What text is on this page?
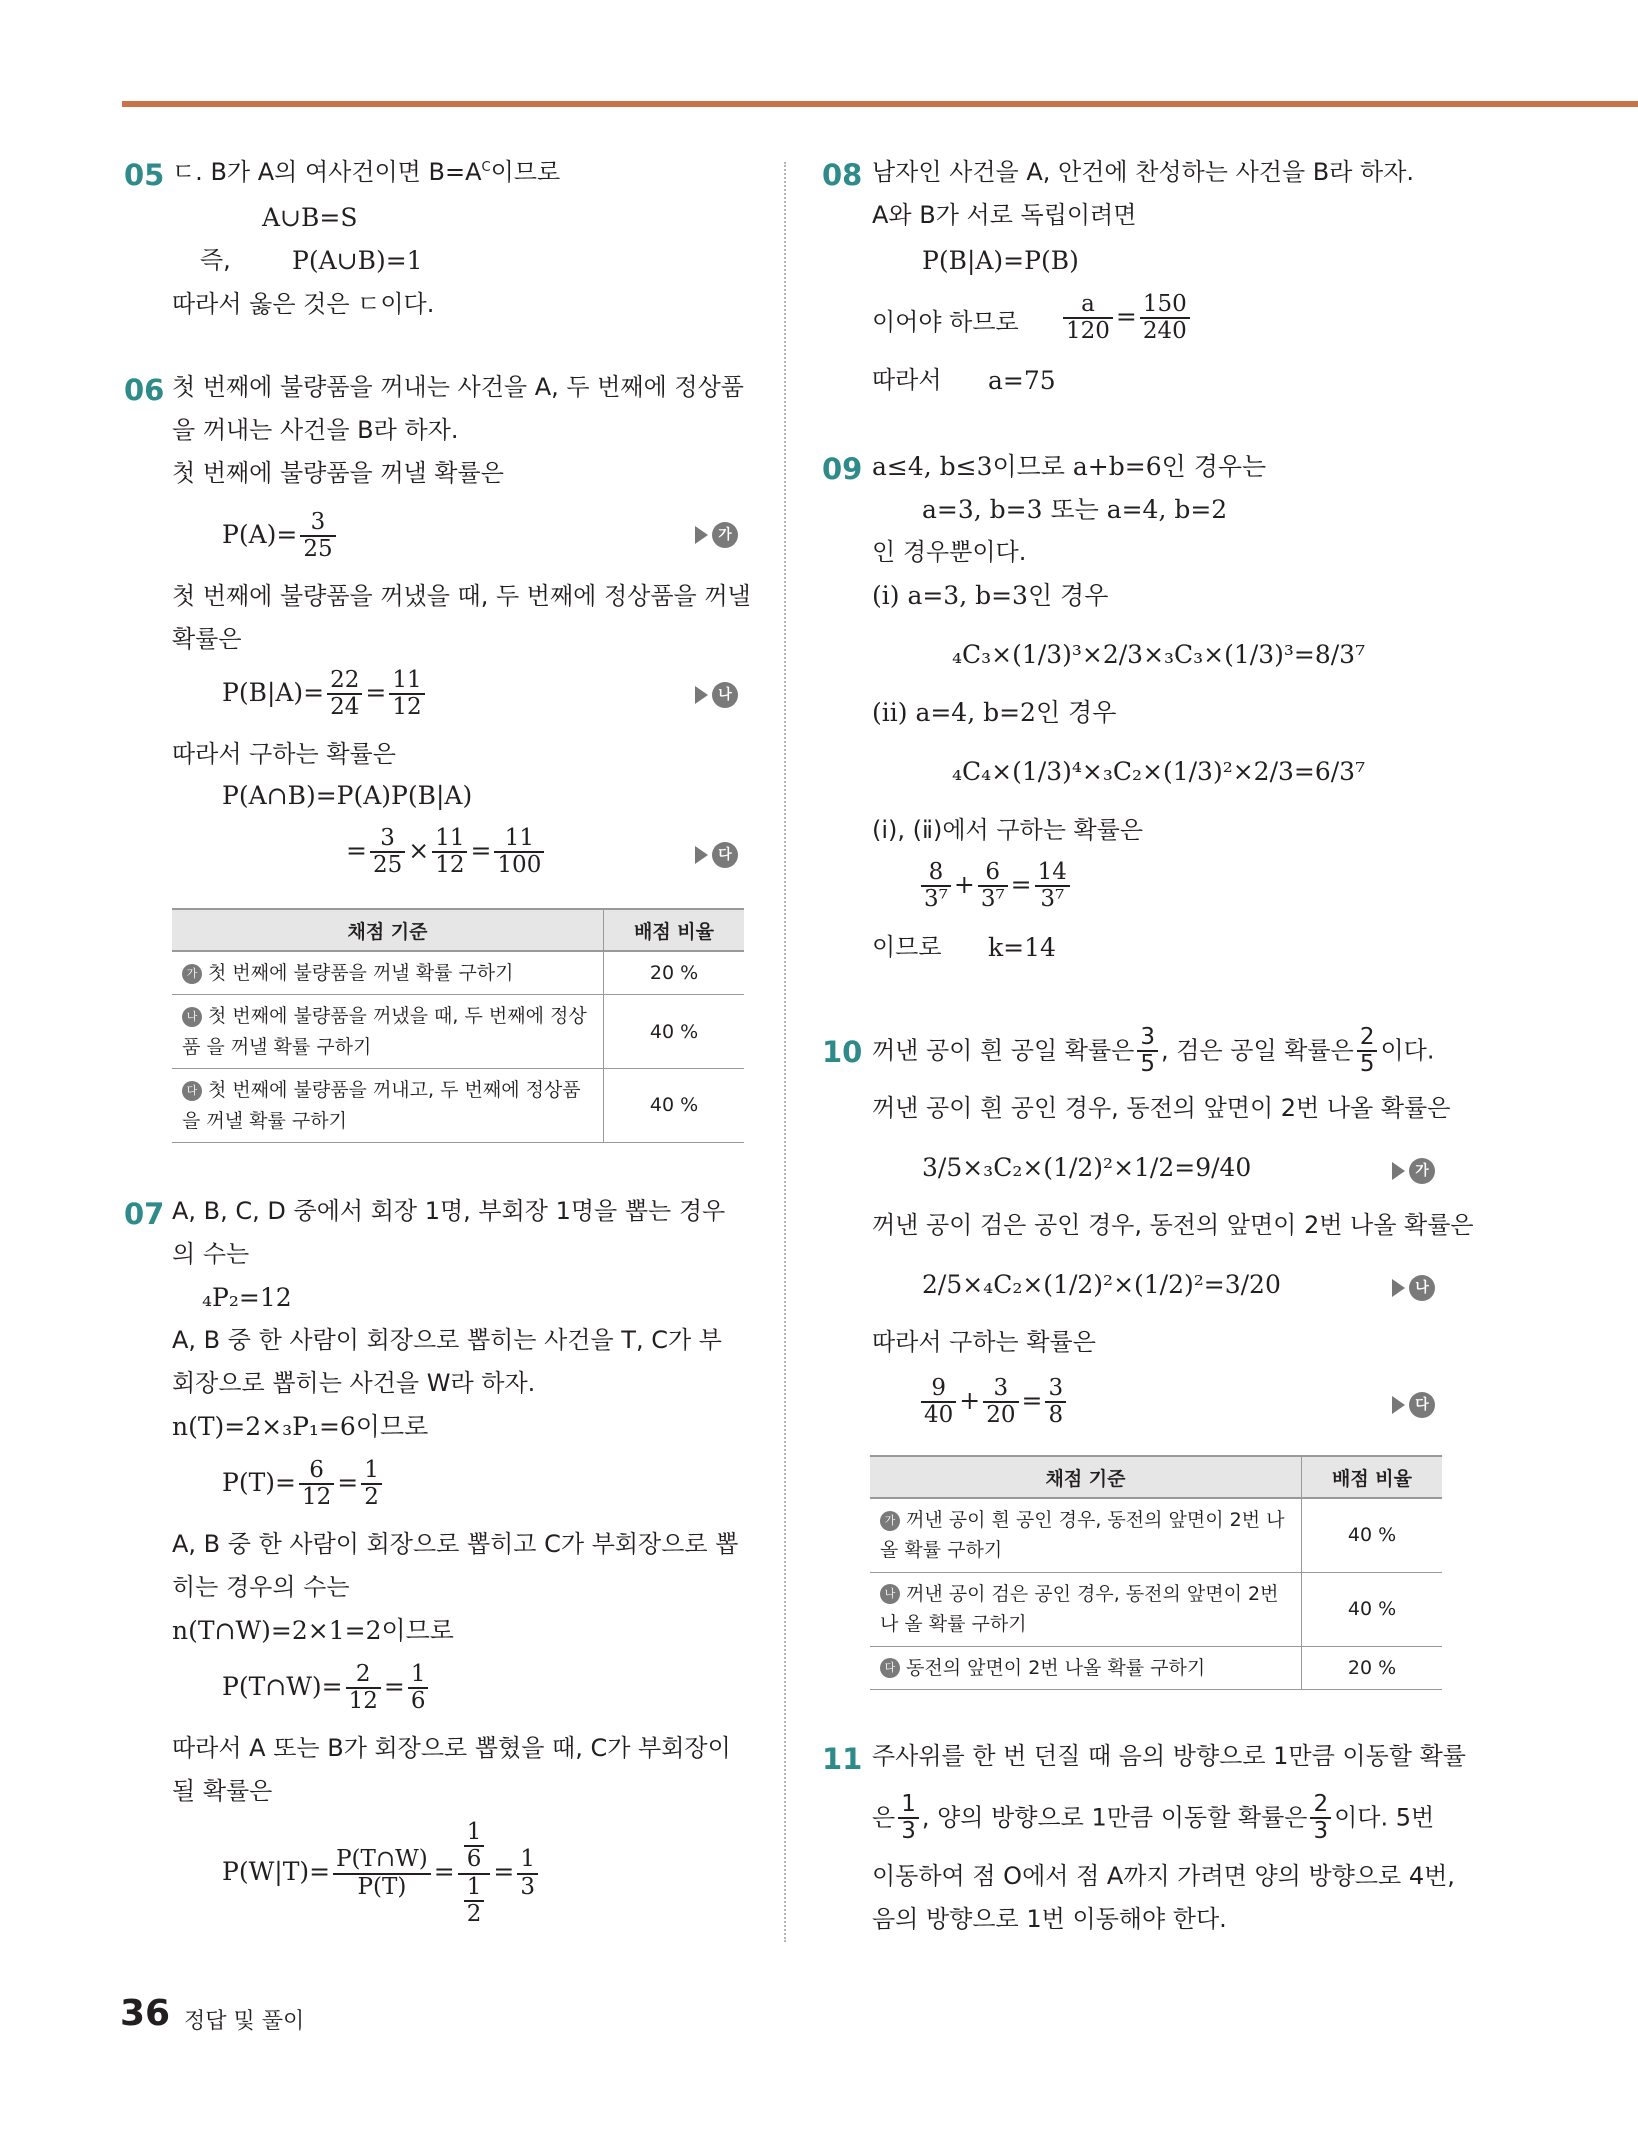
05 ㄷ. B가 A의 여사건이면 $B=A^C$이므로
A∪B=S
즉, P(A∪B)=1
따라서 옳은 것은 ㄷ이다.
06 첫 번째에 불량품을 꺼내는 사건을 A, 두 번째에 정상품
을 꺼내는 사건을 B라 하자.
첫 번째에 불량품을 꺼낼 확률은
$P(A)= \frac{3}{25}$	가
첫 번째에 불량품을 꺼냈을 때, 두 번째에 정상품을 꺼낼
확률은
$P(B|A)= \frac{22}{24} = \frac{11}{12}$	나
따라서 구하는 확률은
P(A∩B)=P(A)P(B|A)
= $\frac{3}{25} \times \frac{11}{12} = \frac{11}{100}$	다
채점 기준	배점 비율
가 첫 번째에 불량품을 꺼낼 확률 구하기	20 %
나 첫 번째에 불량품을 꺼냈을 때, 두 번째에 정상품 을 꺼낼 확률 구하기	40 %
다 첫 번째에 불량품을 꺼내고, 두 번째에 정상품을 꺼낼 확률 구하기	40 %
07 A, B, C, D 중에서 회장 1명, 부회장 1명을 뽑는 경우
의 수는
₄P₂=12
A, B 중 한 사람이 회장으로 뽑히는 사건을 T, C가 부
회장으로 뽑히는 사건을 W라 하자.
n(T)=2×₃P₁=6이므로
$P(T)= \frac{6}{12} = \frac{1}{2}$
A, B 중 한 사람이 회장으로 뽑히고 C가 부회장으로 뽑
히는 경우의 수는
n(T∩W)=2×1=2이므로
P(T∩W)= $\frac{2}{12} = \frac{1}{6}$
따라서 A 또는 B가 회장으로 뽑혔을 때, C가 부회장이
될 확률은
$P(W|T)= \frac{P(T\cap W)}{P(T)} = \frac{\frac{1}{6}}{\frac{1}{2}} = \frac{1}{3}$
08 남자인 사건을 A, 안건에 찬성하는 사건을 B라 하자.
A와 B가 서로 독립이려면
P(B|A)=P(B)
이어야 하므로 $\frac{a}{120} = \frac{150}{240}$
따라서 a=75
09 a≤4, b≤3이므로 a+b=6인 경우는
a=3, b=3 또는 a=4, b=2
인 경우뿐이다.
(ⅰ) a=3, b=3인 경우
₄C₃×(1/3)³×2/3×₃C₃×(1/3)³=8/3⁷
(ⅱ) a=4, b=2인 경우
₄C₄×(1/3)⁴×₃C₂×(1/3)²×2/3=6/3⁷
(ⅰ), (ⅱ)에서 구하는 확률은
$\frac{8}{\text{3⁷}} + \frac{6}{\text{3⁷}} = \frac{14}{\text{3⁷}}$
이므로 k=14
10 꺼낸 공이 흰 공일 확률은 $\frac{3}{5}$ , 검은 공일 확률은 $\frac{2}{5}$ 이다.
꺼낸 공이 흰 공인 경우, 동전의 앞면이 2번 나올 확률은
3/5×₃C₂×(1/2)²×1/2=9/40	가
꺼낸 공이 검은 공인 경우, 동전의 앞면이 2번 나올 확률은
2/5×₄C₂×(1/2)²×(1/2)²=3/20	나
따라서 구하는 확률은
$\frac{9}{40} + \frac{3}{20} = \frac{3}{8}$	다
채점 기준	배점 비율
가 꺼낸 공이 흰 공인 경우, 동전의 앞면이 2번 나올 확률 구하기	40 %
나 꺼낸 공이 검은 공인 경우, 동전의 앞면이 2번 나 올 확률 구하기	40 %
다 동전의 앞면이 2번 나올 확률 구하기	20 %
11 주사위를 한 번 던질 때 음의 방향으로 1만큼 이동할 확률
은 $\frac{1}{3}$ , 양의 방향으로 1만큼 이동할 확률은 $\frac{2}{3}$ 이다. 5번
이동하여 점 O에서 점 A까지 가려면 양의 방향으로 4번,
음의 방향으로 1번 이동해야 한다.
36 정답 및 풀이
